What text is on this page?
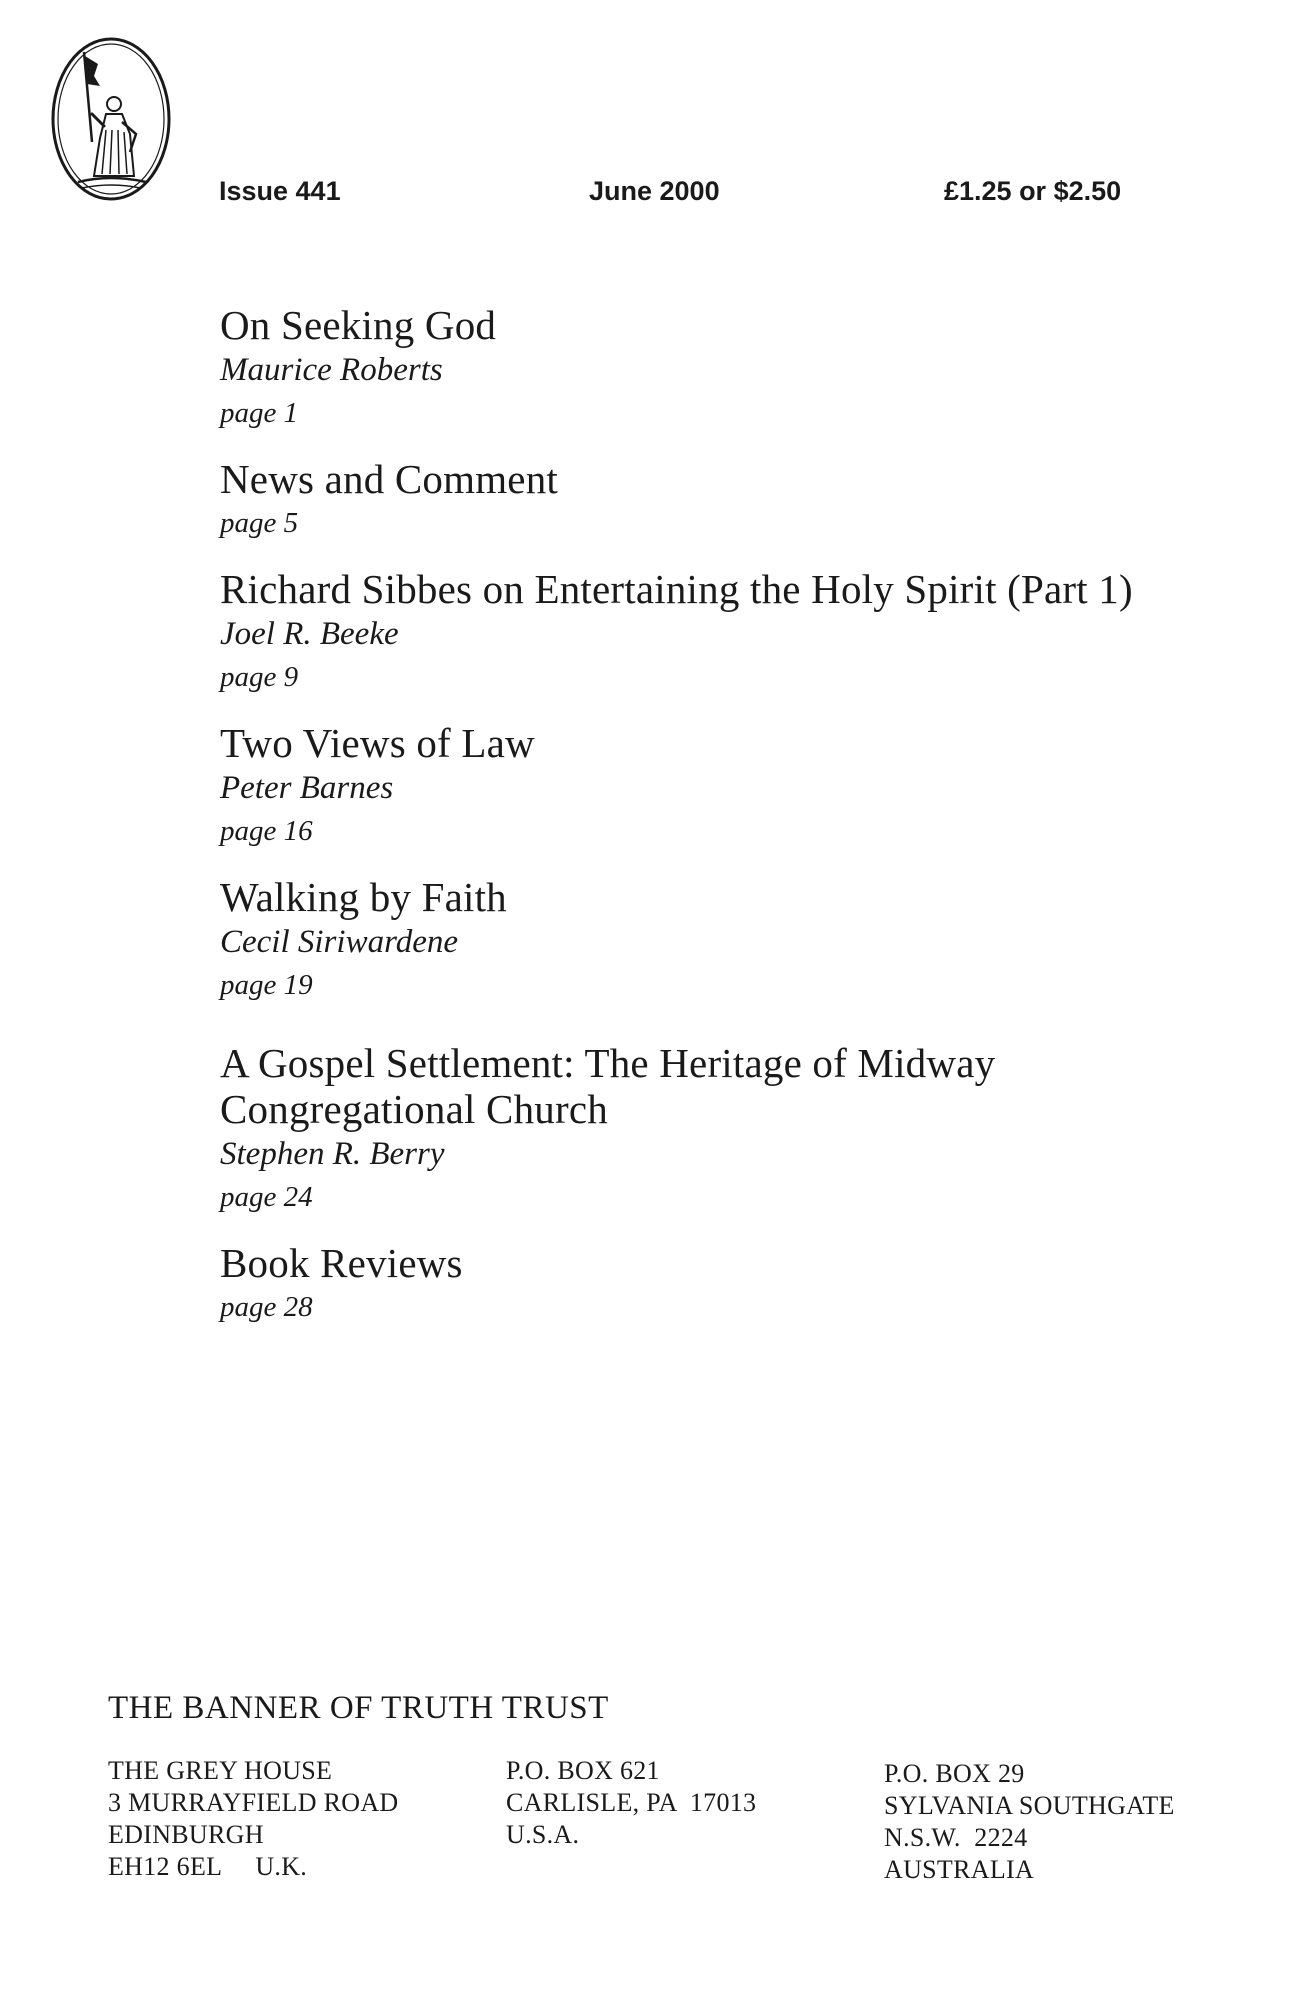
Issue 441	June 2000	£1.25 or $2.50
On Seeking God
Maurice Roberts
page 1
News and Comment
page 5
Richard Sibbes on Entertaining the Holy Spirit (Part 1)
Joel R. Beeke
page 9
Two Views of Law
Peter Barnes
page 16
Walking by Faith
Cecil Siriwardene
page 19
A Gospel Settlement: The Heritage of Midway
Congregational Church
Stephen R. Berry
page 24
Book Reviews
page 28
THE BANNER OF TRUTH TRUST
THE GREY HOUSE
3 MURRAYFIELD ROAD
EDINBURGH
EH12 6EL     U.K.
P.O. BOX 621
CARLISLE, PA  17013
U.S.A.
P.O. BOX 29
SYLVANIA SOUTHGATE
N.S.W.  2224
AUSTRALIA
